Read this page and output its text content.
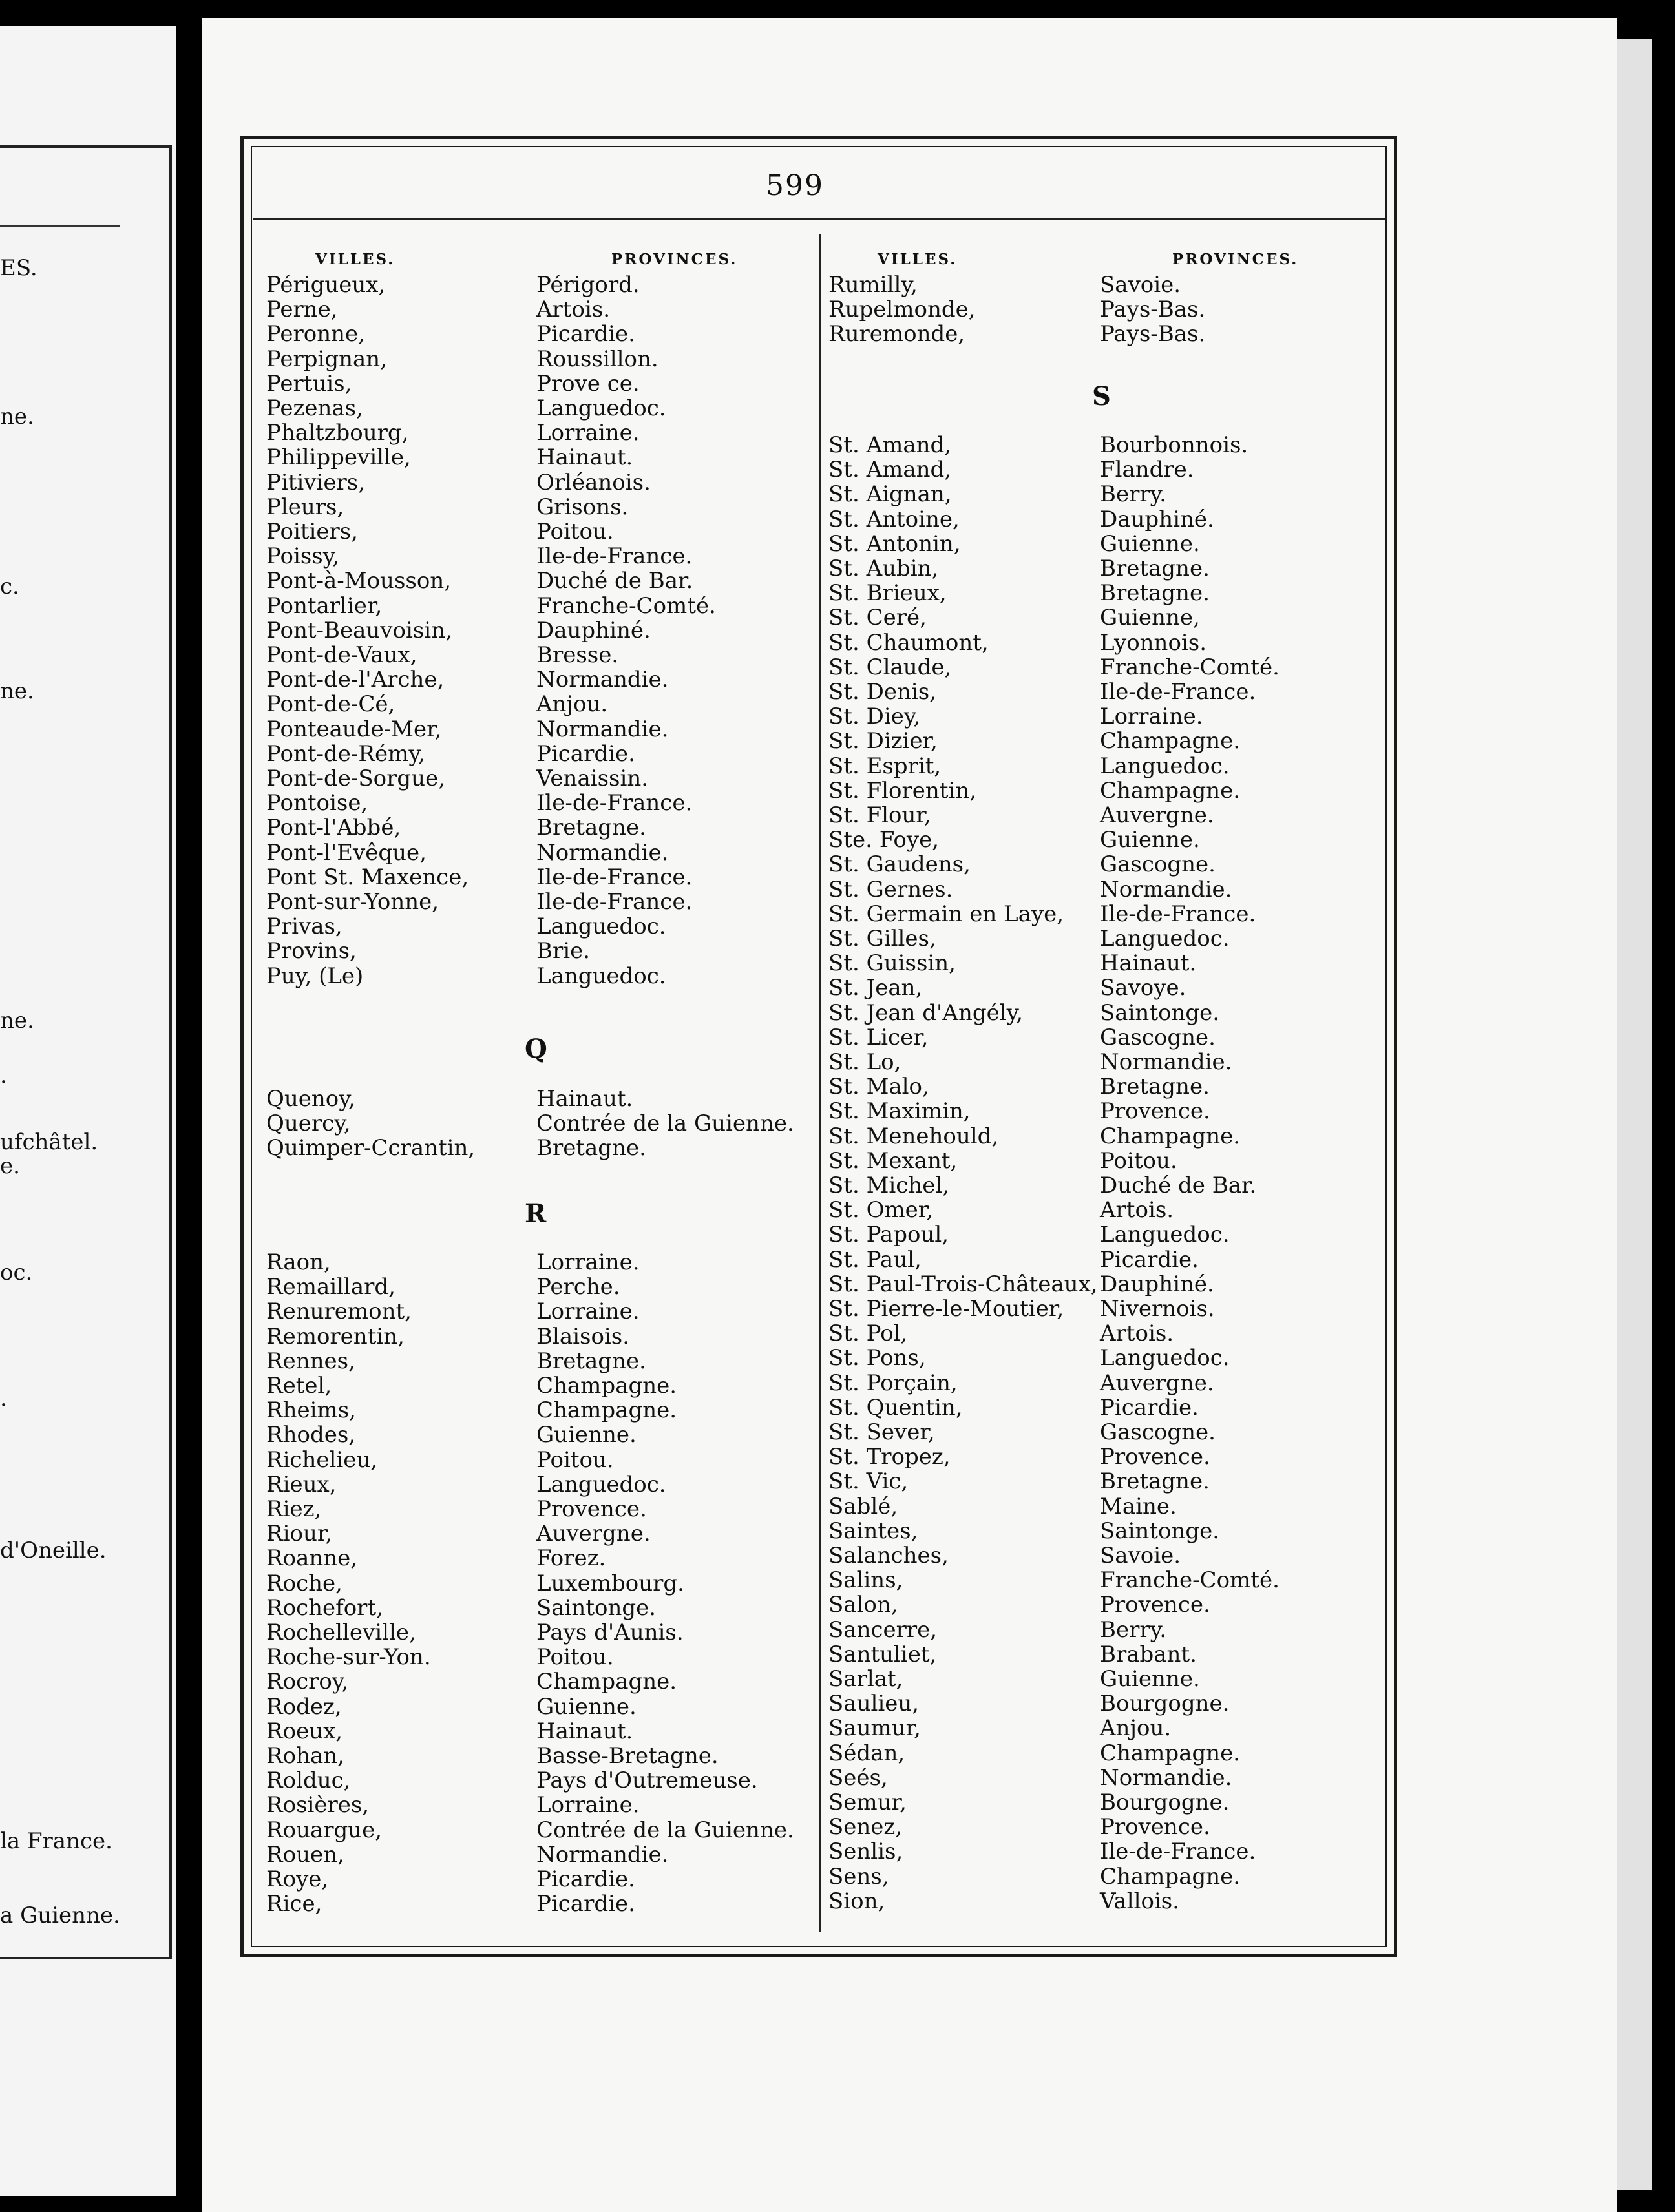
ES.
ne.
c.
ne.
ne.
.
ufchâtel.
e.
oc.
.
d'Oneille.
la France.
a Guienne.
599
VILLES.	PROVINCES.	VILLES.	PROVINCES.
Périgueux,	Périgord.
Perne,	Artois.
Peronne,	Picardie.
Perpignan,	Roussillon.
Pertuis,	Prove ce.
Pezenas,	Languedoc.
Phaltzbourg,	Lorraine.
Philippeville,	Hainaut.
Pitiviers,	Orléanois.
Pleurs,	Grisons.
Poitiers,	Poitou.
Poissy,	Ile-de-France.
Pont-à-Mousson,	Duché de Bar.
Pontarlier,	Franche-Comté.
Pont-Beauvoisin,	Dauphiné.
Pont-de-Vaux,	Bresse.
Pont-de-l'Arche,	Normandie.
Pont-de-Cé,	Anjou.
Ponteaude-Mer,	Normandie.
Pont-de-Rémy,	Picardie.
Pont-de-Sorgue,	Venaissin.
Pontoise,	Ile-de-France.
Pont-l'Abbé,	Bretagne.
Pont-l'Evêque,	Normandie.
Pont St. Maxence,	Ile-de-France.
Pont-sur-Yonne,	Ile-de-France.
Privas,	Languedoc.
Provins,	Brie.
Puy, (Le)	Languedoc.
Quenoy,	Hainaut.
Quercy,	Contrée de la Guienne.
Quimper-Ccrantin,	Bretagne.
Raon,	Lorraine.
Remaillard,	Perche.
Renuremont,	Lorraine.
Remorentin,	Blaisois.
Rennes,	Bretagne.
Retel,	Champagne.
Rheims,	Champagne.
Rhodes,	Guienne.
Richelieu,	Poitou.
Rieux,	Languedoc.
Riez,	Provence.
Riour,	Auvergne.
Roanne,	Forez.
Roche,	Luxembourg.
Rochefort,	Saintonge.
Rochelleville,	Pays d'Aunis.
Roche-sur-Yon.	Poitou.
Rocroy,	Champagne.
Rodez,	Guienne.
Roeux,	Hainaut.
Rohan,	Basse-Bretagne.
Rolduc,	Pays d'Outremeuse.
Rosières,	Lorraine.
Rouargue,	Contrée de la Guienne.
Rouen,	Normandie.
Roye,	Picardie.
Rice,	Picardie.
Rumilly,	Savoie.
Rupelmonde,	Pays-Bas.
Ruremonde,	Pays-Bas.
St. Amand,	Bourbonnois.
St. Amand,	Flandre.
St. Aignan,	Berry.
St. Antoine,	Dauphiné.
St. Antonin,	Guienne.
St. Aubin,	Bretagne.
St. Brieux,	Bretagne.
St. Ceré,	Guienne,
St. Chaumont,	Lyonnois.
St. Claude,	Franche-Comté.
St. Denis,	Ile-de-France.
St. Diey,	Lorraine.
St. Dizier,	Champagne.
St. Esprit,	Languedoc.
St. Florentin,	Champagne.
St. Flour,	Auvergne.
Ste. Foye,	Guienne.
St. Gaudens,	Gascogne.
St. Gernes.	Normandie.
St. Germain en Laye, Ile-de-France.
St. Gilles,	Languedoc.
St. Guissin,	Hainaut.
St. Jean,	Savoye.
St. Jean d'Angély,	Saintonge.
St. Licer,	Gascogne.
St. Lo,	Normandie.
St. Malo,	Bretagne.
St. Maximin,	Provence.
St. Menehould,	Champagne.
St. Mexant,	Poitou.
St. Michel,	Duché de Bar.
St. Omer,	Artois.
St. Papoul,	Languedoc.
St. Paul,	Picardie.
St. Paul-Trois-Châteaux, Dauphiné.
St. Pierre-le-Moutier, Nivernois.
St. Pol,	Artois.
St. Pons,	Languedoc.
St. Porçain,	Auvergne.
St. Quentin,	Picardie.
St. Sever,	Gascogne.
St. Tropez,	Provence.
St. Vic,	Bretagne.
Sablé,	Maine.
Saintes,	Saintonge.
Salanches,	Savoie.
Salins,	Franche-Comté.
Salon,	Provence.
Sancerre,	Berry.
Santuliet,	Brabant.
Sarlat,	Guienne.
Saulieu,	Bourgogne.
Saumur,	Anjou.
Sédan,	Champagne.
Seés,	Normandie.
Semur,	Bourgogne.
Senez,	Provence.
Senlis,	Ile-de-France.
Sens,	Champagne.
Sion,	Vallois.
Q
R
S
